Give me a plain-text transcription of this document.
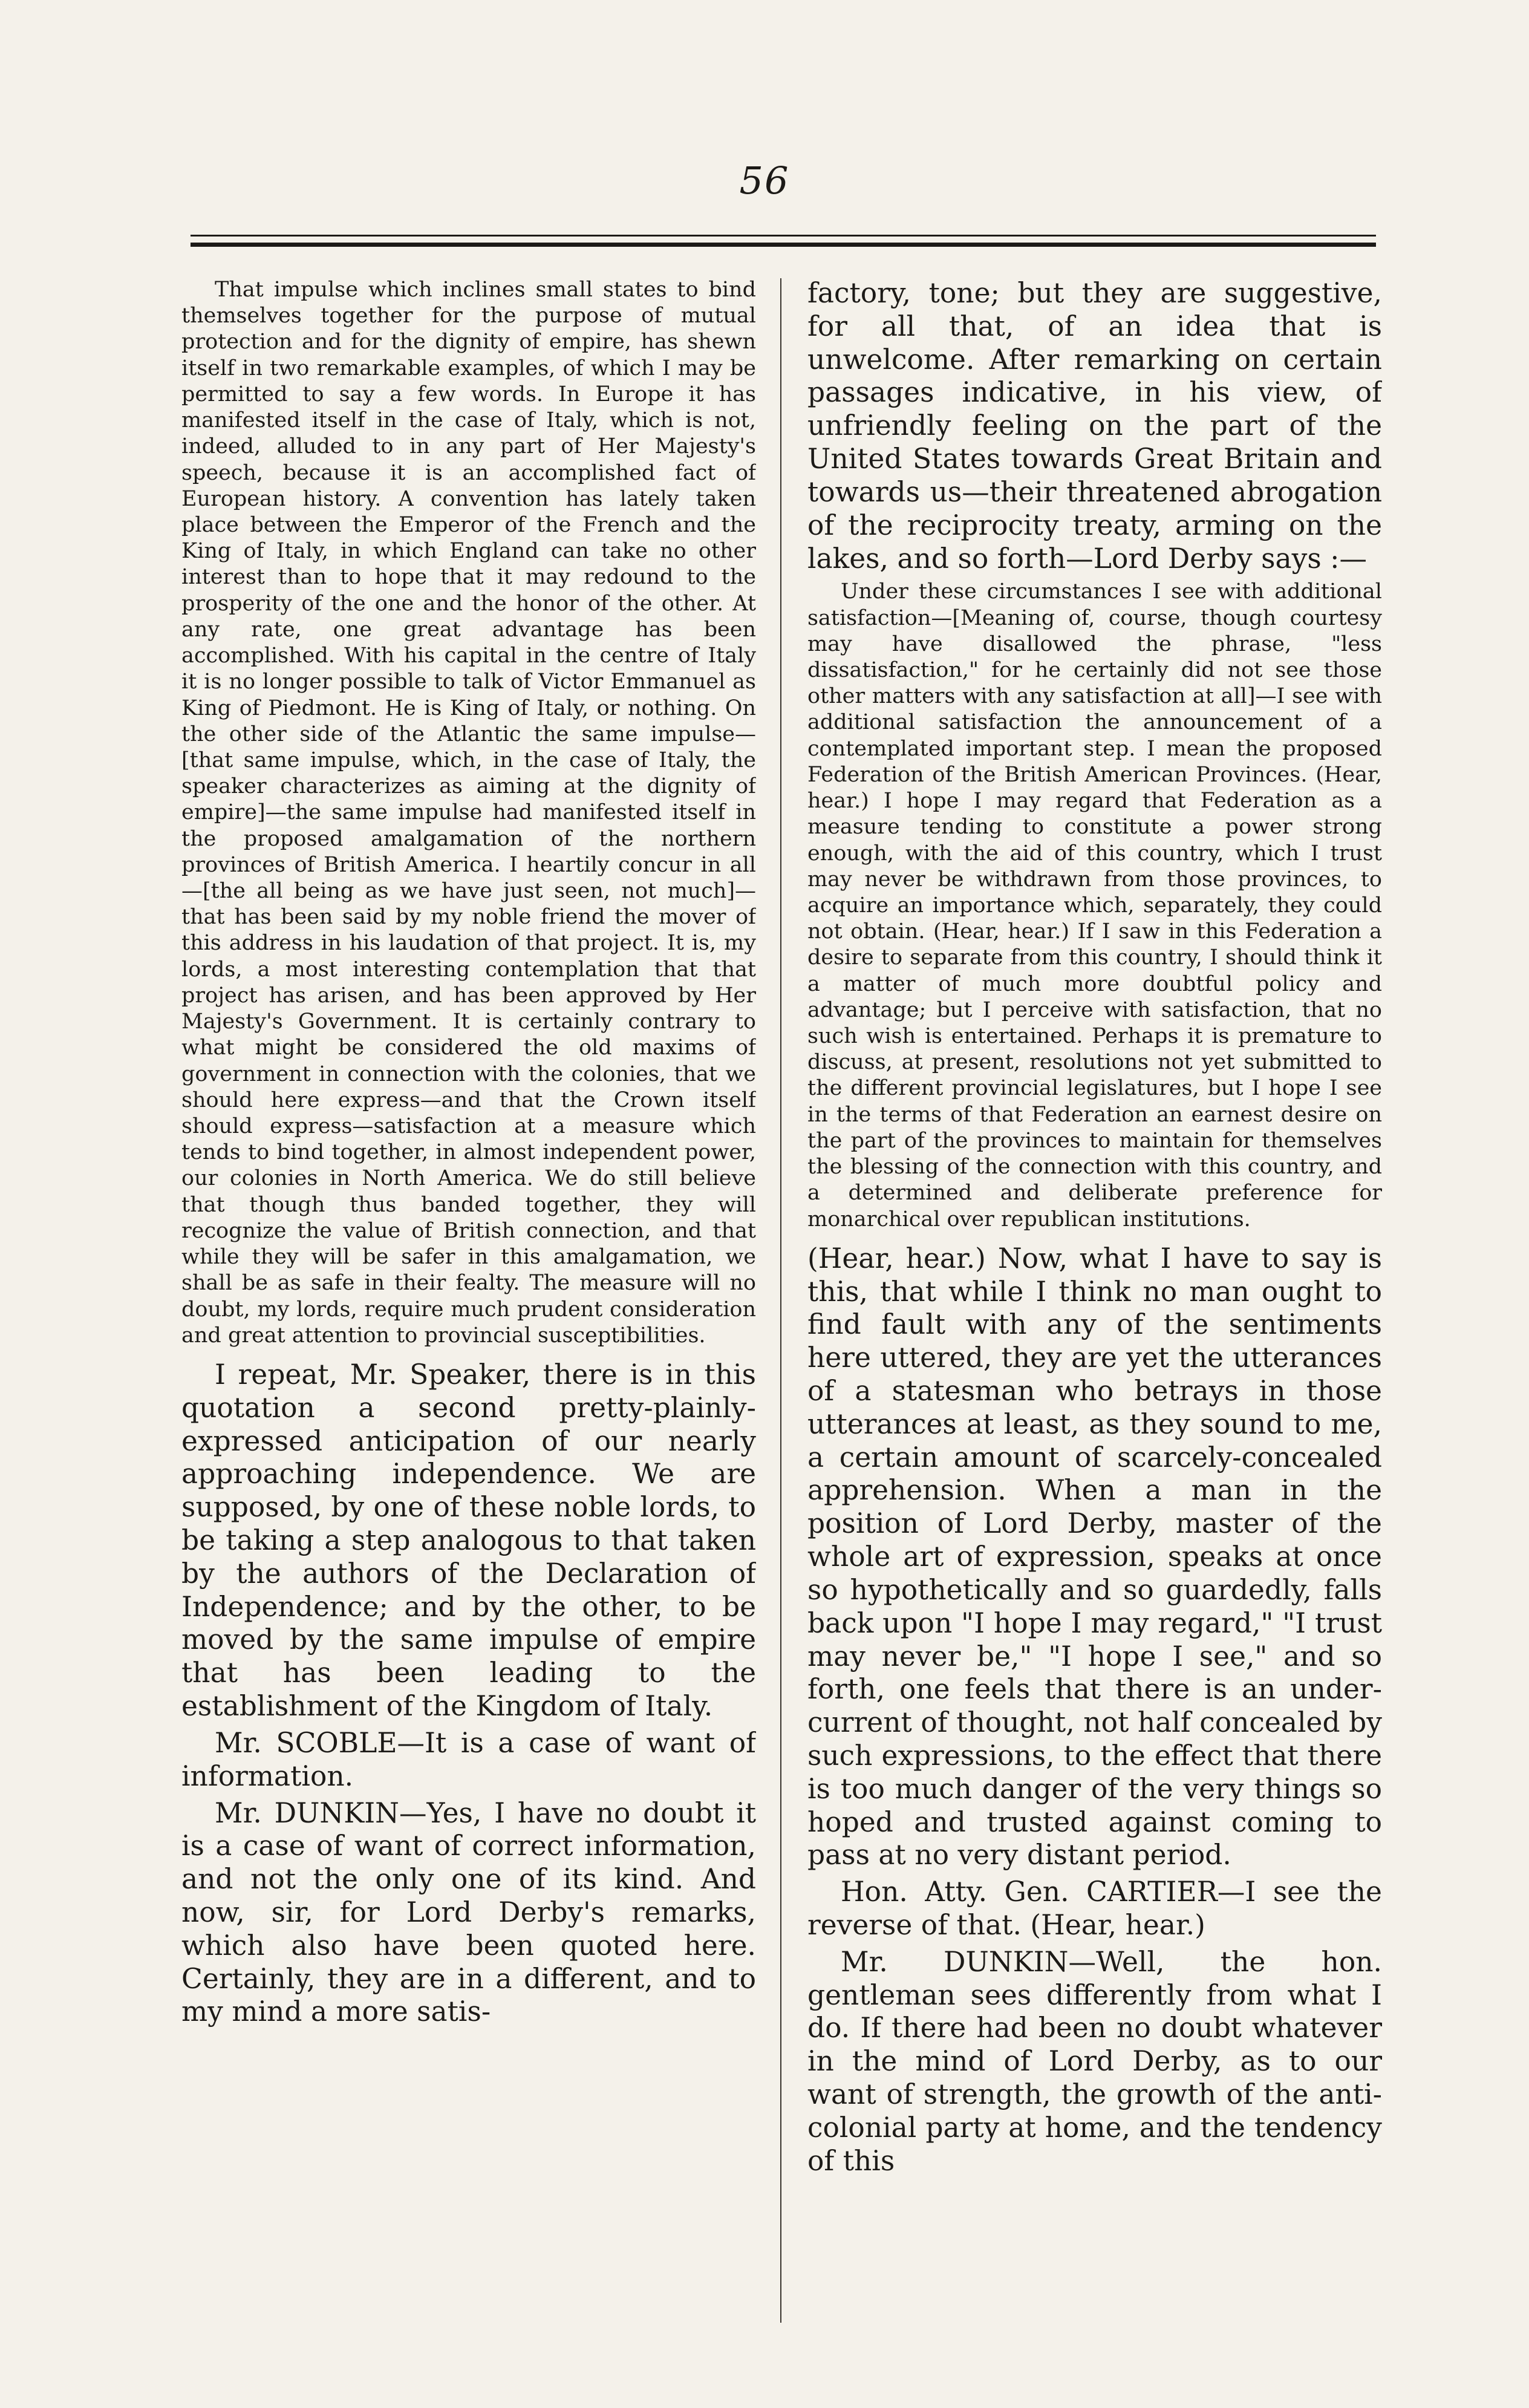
56

That impulse which inclines small states to bind themselves together for the purpose of mutual protection and for the dignity of empire, has shewn itself in two remarkable examples, of which I may be permitted to say a few words. In Europe it has manifested itself in the case of Italy, which is not, indeed, alluded to in any part of Her Majesty's speech, because it is an accomplished fact of European history. A convention has lately taken place between the Emperor of the French and the King of Italy, in which England can take no other interest than to hope that it may redound to the prosperity of the one and the honor of the other. At any rate, one great advantage has been accomplished. With his capital in the centre of Italy it is no longer possible to talk of Victor Emmanuel as King of Piedmont. He is King of Italy, or nothing. On the other side of the Atlantic the same impulse—[that same impulse, which, in the case of Italy, the speaker characterizes as aiming at the dignity of empire]—the same impulse had manifested itself in the proposed amalgamation of the northern provinces of British America. I heartily concur in all—[the all being as we have just seen, not much]—that has been said by my noble friend the mover of this address in his laudation of that project. It is, my lords, a most interesting contemplation that that project has arisen, and has been approved by Her Majesty's Government. It is certainly contrary to what might be considered the old maxims of government in connection with the colonies, that we should here express—and that the Crown itself should express—satisfaction at a measure which tends to bind together, in almost independent power, our colonies in North America. We do still believe that though thus banded together, they will recognize the value of British connection, and that while they will be safer in this amalgamation, we shall be as safe in their fealty. The measure will no doubt, my lords, require much prudent consideration and great attention to provincial susceptibilities.

I repeat, Mr. Speaker, there is in this quotation a second pretty-plainly-expressed anticipation of our nearly approaching independence. We are supposed, by one of these noble lords, to be taking a step analogous to that taken by the authors of the Declaration of Independence; and by the other, to be moved by the same impulse of empire that has been leading to the establishment of the Kingdom of Italy.

Mr. SCOBLE—It is a case of want of information.

Mr. DUNKIN—Yes, I have no doubt it is a case of want of correct information, and not the only one of its kind. And now, sir, for Lord Derby's remarks, which also have been quoted here. Certainly, they are in a different, and to my mind a more satis-

factory, tone; but they are suggestive, for all that, of an idea that is unwelcome. After remarking on certain passages indicative, in his view, of unfriendly feeling on the part of the United States towards Great Britain and towards us—their threatened abrogation of the reciprocity treaty, arming on the lakes, and so forth—Lord Derby says :—

Under these circumstances I see with additional satisfaction—[Meaning of, course, though courtesy may have disallowed the phrase, "less dissatisfaction," for he certainly did not see those other matters with any satisfaction at all]—I see with additional satisfaction the announcement of a contemplated important step. I mean the proposed Federation of the British American Provinces. (Hear, hear.) I hope I may regard that Federation as a measure tending to constitute a power strong enough, with the aid of this country, which I trust may never be withdrawn from those provinces, to acquire an importance which, separately, they could not obtain. (Hear, hear.) If I saw in this Federation a desire to separate from this country, I should think it a matter of much more doubtful policy and advantage; but I perceive with satisfaction, that no such wish is entertained. Perhaps it is premature to discuss, at present, resolutions not yet submitted to the different provincial legislatures, but I hope I see in the terms of that Federation an earnest desire on the part of the provinces to maintain for themselves the blessing of the connection with this country, and a determined and deliberate preference for monarchical over republican institutions.

(Hear, hear.) Now, what I have to say is this, that while I think no man ought to find fault with any of the sentiments here uttered, they are yet the utterances of a statesman who betrays in those utterances at least, as they sound to me, a certain amount of scarcely-concealed apprehension. When a man in the position of Lord Derby, master of the whole art of expression, speaks at once so hypothetically and so guardedly, falls back upon "I hope I may regard," "I trust may never be," "I hope I see," and so forth, one feels that there is an under-current of thought, not half concealed by such expressions, to the effect that there is too much danger of the very things so hoped and trusted against coming to pass at no very distant period.

Hon. Atty. Gen. CARTIER—I see the reverse of that. (Hear, hear.)

Mr. DUNKIN—Well, the hon. gentleman sees differently from what I do. If there had been no doubt whatever in the mind of Lord Derby, as to our want of strength, the growth of the anti-colonial party at home, and the tendency of this
